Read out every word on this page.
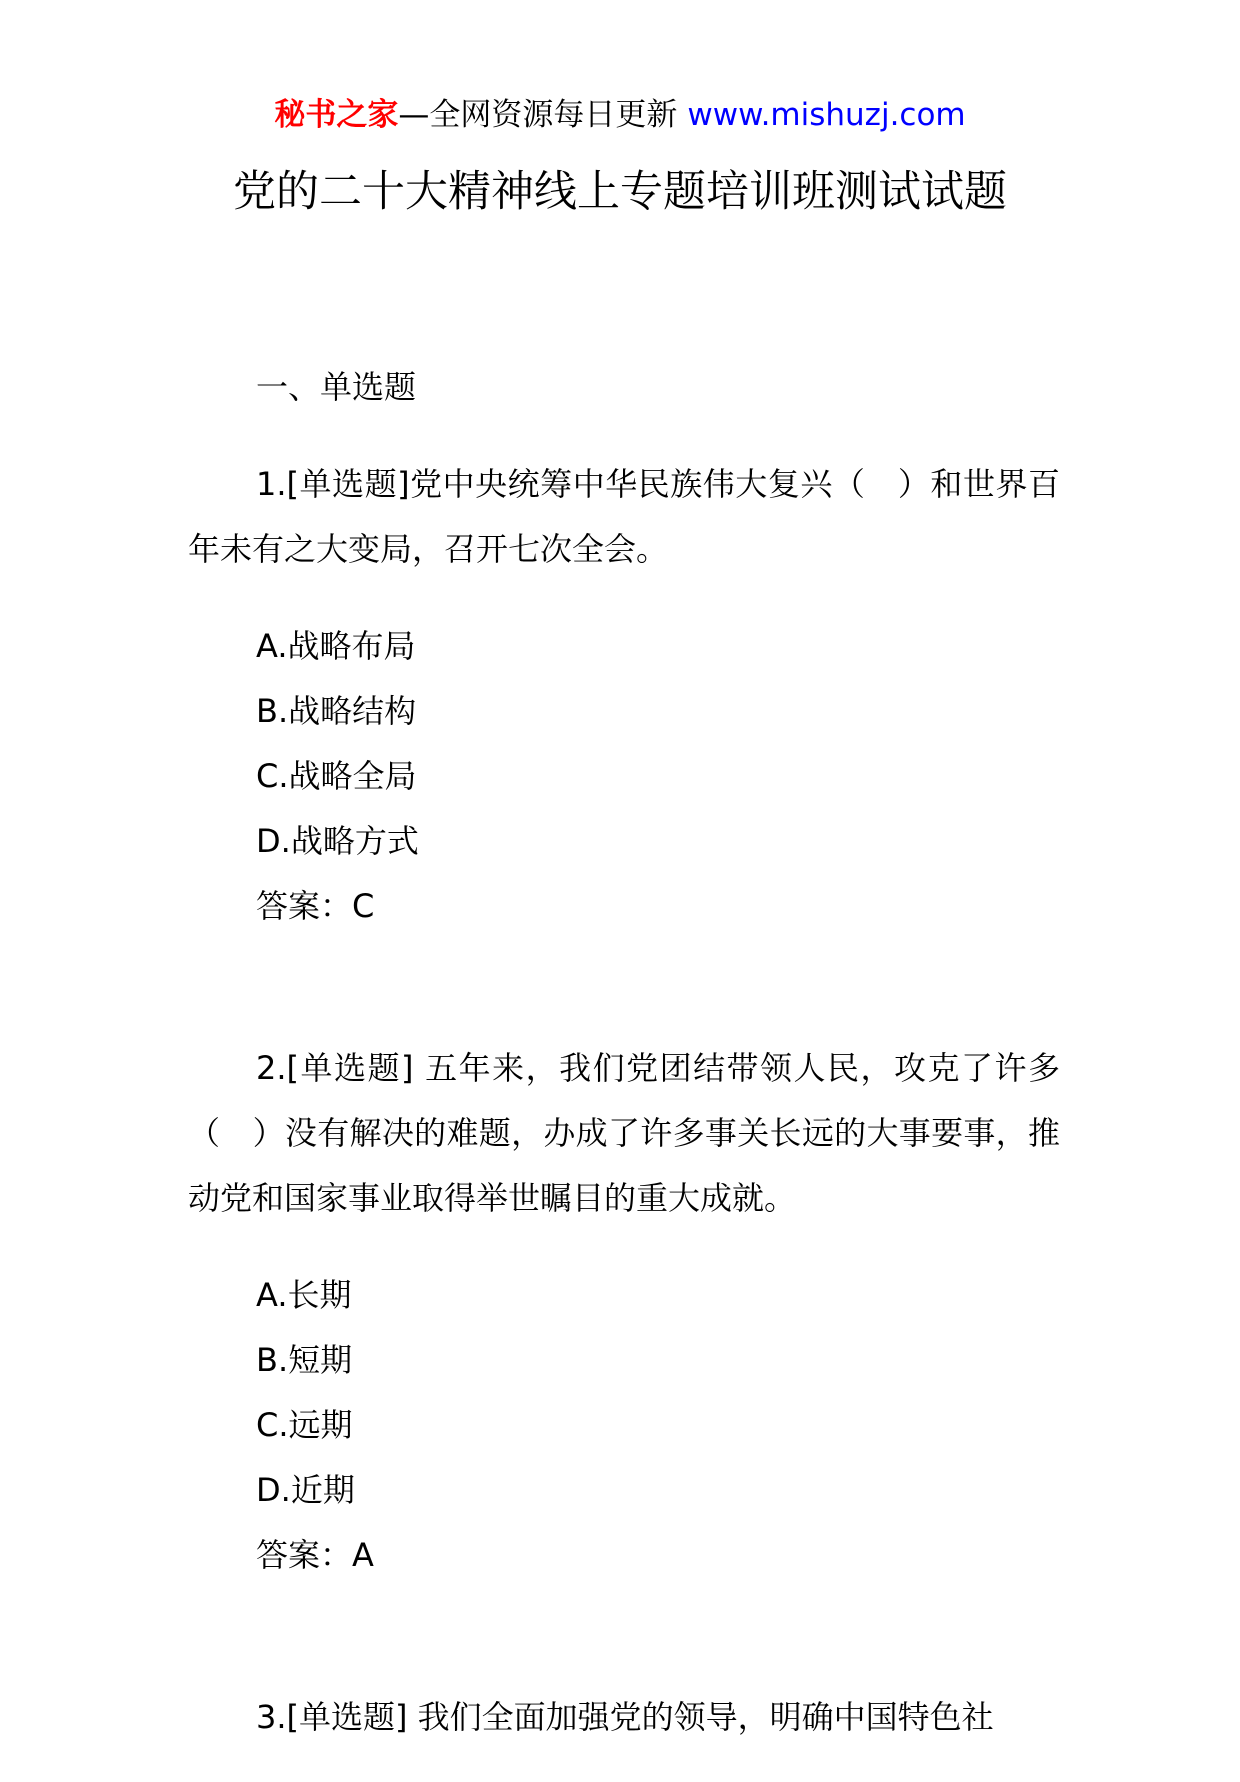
秘书之家—全网资源每日更新 www.mishuzj.com
党的二十大精神线上专题培训班测试试题

一、单选题

1.[单选题]党中央统筹中华民族伟大复兴（　）和世界百年未有之大变局，召开七次全会。

A.战略布局
B.战略结构
C.战略全局
D.战略方式
答案：C

2.[单选题] 五年来，我们党团结带领人民，攻克了许多（　）没有解决的难题，办成了许多事关长远的大事要事，推动党和国家事业取得举世瞩目的重大成就。

A.长期
B.短期
C.远期
D.近期
答案：A

3.[单选题] 我们全面加强党的领导，明确中国特色社
